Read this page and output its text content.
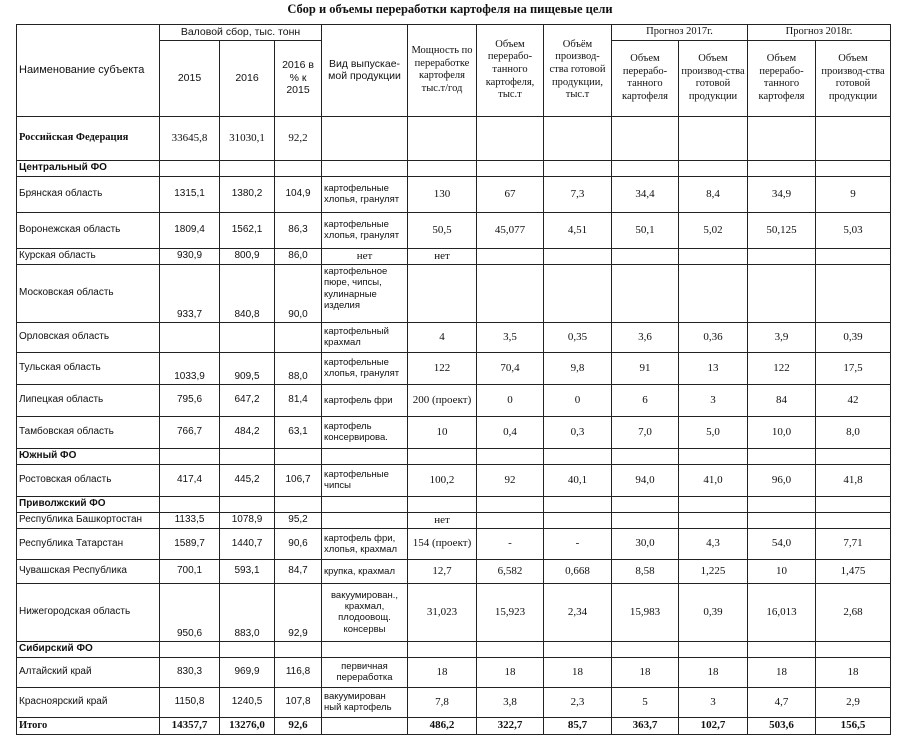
Сбор и объемы переработки картофеля на пищевые цели
Наименование субъекта	Валовой сбор, тыс. тонн			Вид выпускае-мой продукции	Мощность по переработке картофеля тыс.т/год	Объем перерабо-танного картофеля, тыс.т	Объём производ-ства готовой продукции, тыс.т	Прогноз 2017г.		Прогноз 2018г.	
	2015	2016	2016 в % к 2015					Объем перерабо-танного картофеля	Объем производ-ства готовой продукции	Объем перерабо-танного картофеля	Объем производ-ства готовой продукции
Российская Федерация	33645,8	31030,1	92,2								
Центральный ФО											
Брянская область	1315,1	1380,2	104,9	картофельные хлопья, гранулят	130	67	7,3	34,4	8,4	34,9	9
Воронежская область	1809,4	1562,1	86,3	картофельные хлопья, гранулят	50,5	45,077	4,51	50,1	5,02	50,125	5,03
Курская область	930,9	800,9	86,0	нет	нет						
Московская область	933,7	840,8	90,0	картофельное пюре, чипсы, кулинарные изделия							
Орловская область				картофельный крахмал	4	3,5	0,35	3,6	0,36	3,9	0,39
Тульская область	1033,9	909,5	88,0	картофельные хлопья, гранулят	122	70,4	9,8	91	13	122	17,5
Липецкая область	795,6	647,2	81,4	картофель фри	200 (проект)	0	0	6	3	84	42
Тамбовская область	766,7	484,2	63,1	картофель консервирова.	10	0,4	0,3	7,0	5,0	10,0	8,0
Южный ФО											
Ростовская область	417,4	445,2	106,7	картофельные чипсы	100,2	92	40,1	94,0	41,0	96,0	41,8
Приволжский ФО											
Республика Башкортостан	1133,5	1078,9	95,2		нет						
Республика Татарстан	1589,7	1440,7	90,6	картофель фри, хлопья, крахмал	154 (проект)	-	-	30,0	4,3	54,0	7,71
Чувашская Республика	700,1	593,1	84,7	крупка, крахмал	12,7	6,582	0,668	8,58	1,225	10	1,475
Нижегородская область	950,6	883,0	92,9	вакуумирован., крахмал, плодоовощ. консервы	31,023	15,923	2,34	15,983	0,39	16,013	2,68
Сибирский ФО											
Алтайский край	830,3	969,9	116,8	первичная переработка	18	18	18	18	18	18	18
Красноярский край	1150,8	1240,5	107,8	вакуумирован ный картофель	7,8	3,8	2,3	5	3	4,7	2,9
Итого	14357,7	13276,0	92,6		486,2	322,7	85,7	363,7	102,7	503,6	156,5
